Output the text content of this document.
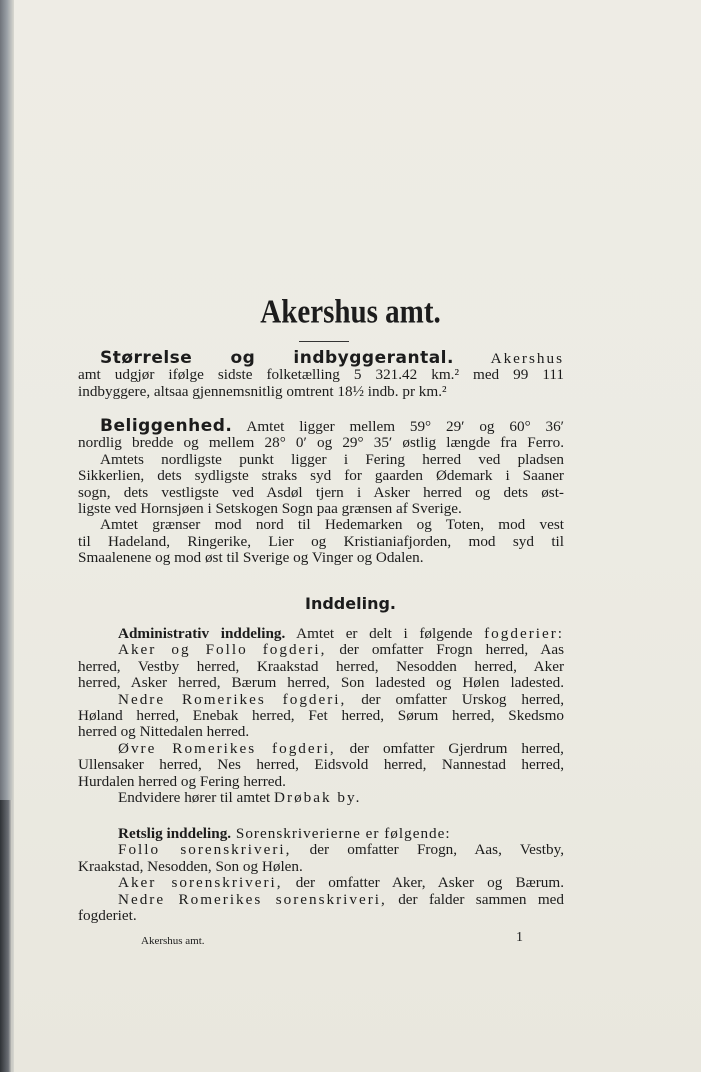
Akershus amt.
Størrelse og indbyggerantal. Akershus
amt udgjør ifølge sidste folketælling 5 321.42 km.² med 99 111
indbyggere, altsaa gjennemsnitlig omtrent 18½ indb. pr km.²
Beliggenhed. Amtet ligger mellem 59° 29′ og 60° 36′
nordlig bredde og mellem 28° 0′ og 29° 35′ østlig længde fra Ferro.
Amtets nordligste punkt ligger i Fering herred ved pladsen
Sikkerlien, dets sydligste straks syd for gaarden Ødemark i Saaner
sogn, dets vestligste ved Asdøl tjern i Asker herred og dets øst-
ligste ved Hornsjøen i Setskogen Sogn paa grænsen af Sverige.
Amtet grænser mod nord til Hedemarken og Toten, mod vest
til Hadeland, Ringerike, Lier og Kristianiafjorden, mod syd til
Smaalenene og mod øst til Sverige og Vinger og Odalen.
Inddeling.
Administrativ inddeling. Amtet er delt i følgende fogderier:
Aker og Follo fogderi, der omfatter Frogn herred, Aas
herred, Vestby herred, Kraakstad herred, Nesodden herred, Aker
herred, Asker herred, Bærum herred, Son ladested og Hølen ladested.
Nedre Romerikes fogderi, der omfatter Urskog herred,
Høland herred, Enebak herred, Fet herred, Sørum herred, Skedsmo
herred og Nittedalen herred.
Øvre Romerikes fogderi, der omfatter Gjerdrum herred,
Ullensaker herred, Nes herred, Eidsvold herred, Nannestad herred,
Hurdalen herred og Fering herred.
Endvidere hører til amtet Drøbak by.
Retslig inddeling. Sorenskriverierne er følgende:
Follo sorenskriveri, der omfatter Frogn, Aas, Vestby,
Kraakstad, Nesodden, Son og Hølen.
Aker sorenskriveri, der omfatter Aker, Asker og Bærum.
Nedre Romerikes sorenskriveri, der falder sammen med
fogderiet.
Akershus amt.	1
